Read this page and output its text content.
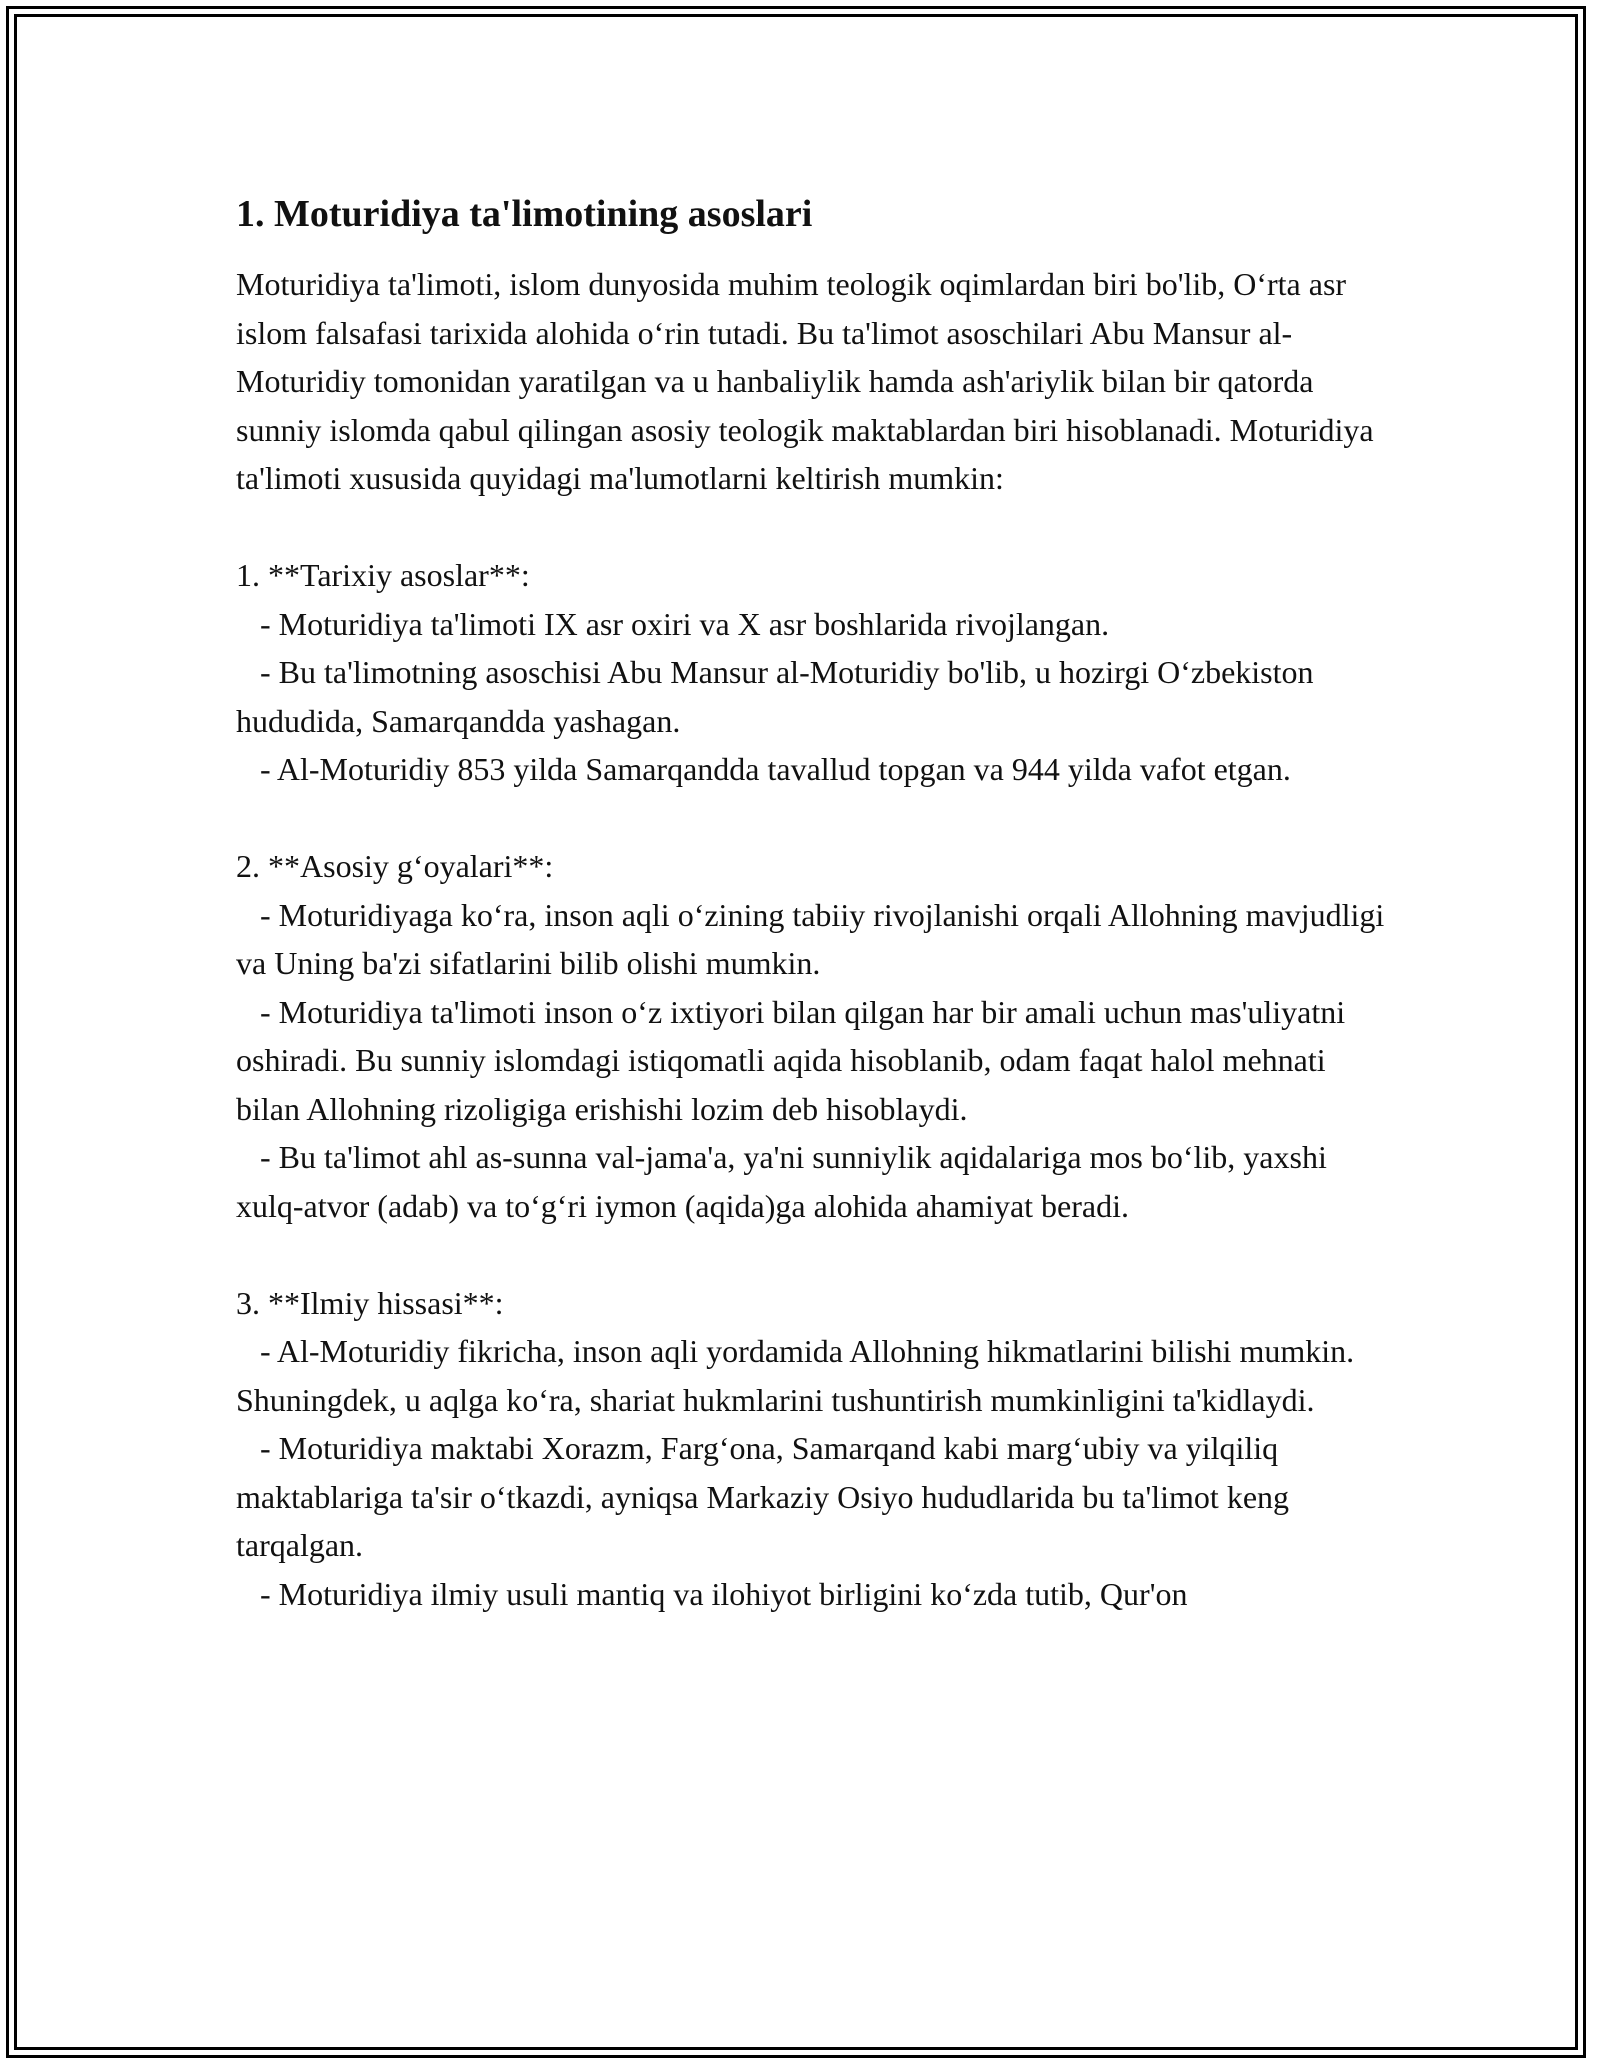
1. Moturidiya ta'limotining asoslari

Moturidiya ta'limoti, islom dunyosida muhim teologik oqimlardan biri bo'lib, O‘rta asr islom falsafasi tarixida alohida o‘rin tutadi. Bu ta'limot asoschilari Abu Mansur al-Moturidiy tomonidan yaratilgan va u hanbaliylik hamda ash'ariylik bilan bir qatorda sunniy islomda qabul qilingan asosiy teologik maktablardan biri hisoblanadi. Moturidiya ta'limoti xususida quyidagi ma'lumotlarni keltirish mumkin:

1. **Tarixiy asoslar**:

- Moturidiya ta'limoti IX asr oxiri va X asr boshlarida rivojlangan.

- Bu ta'limotning asoschisi Abu Mansur al-Moturidiy bo'lib, u hozirgi O‘zbekiston hududida, Samarqandda yashagan.

- Al-Moturidiy 853 yilda Samarqandda tavallud topgan va 944 yilda vafot etgan.

2. **Asosiy g‘oyalari**:

- Moturidiyaga ko‘ra, inson aqli o‘zining tabiiy rivojlanishi orqali Allohning mavjudligi va Uning ba'zi sifatlarini bilib olishi mumkin.

- Moturidiya ta'limoti inson o‘z ixtiyori bilan qilgan har bir amali uchun mas'uliyatni oshiradi. Bu sunniy islomdagi istiqomatli aqida hisoblanib, odam faqat halol mehnati bilan Allohning rizoligiga erishishi lozim deb hisoblaydi.

- Bu ta'limot ahl as-sunna val-jama'a, ya'ni sunniylik aqidalariga mos bo‘lib, yaxshi xulq-atvor (adab) va to‘g‘ri iymon (aqida)ga alohida ahamiyat beradi.

3. **Ilmiy hissasi**:

- Al-Moturidiy fikricha, inson aqli yordamida Allohning hikmatlarini bilishi mumkin. Shuningdek, u aqlga ko‘ra, shariat hukmlarini tushuntirish mumkinligini ta'kidlaydi.

- Moturidiya maktabi Xorazm, Farg‘ona, Samarqand kabi marg‘ubiy va yilqiliq maktablariga ta'sir o‘tkazdi, ayniqsa Markaziy Osiyo hududlarida bu ta'limot keng tarqalgan.

- Moturidiya ilmiy usuli mantiq va ilohiyot birligini ko‘zda tutib, Qur'on
